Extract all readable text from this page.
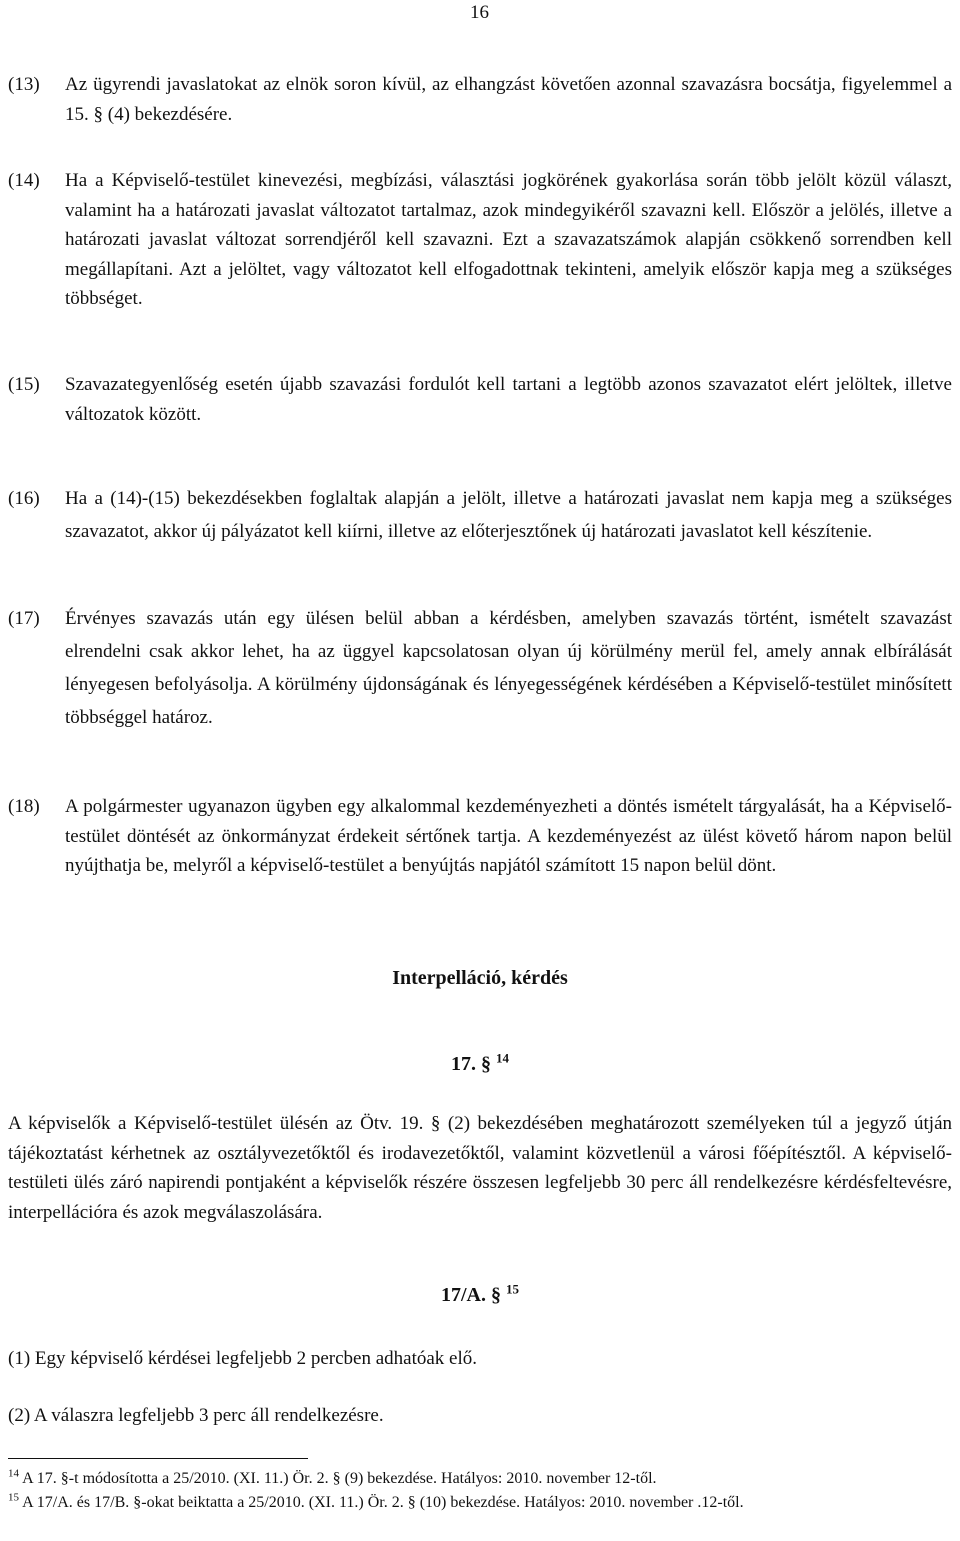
16
(13)	Az ügyrendi javaslatokat az elnök soron kívül, az elhangzást követően azonnal szavazásra bocsátja, figyelemmel a 15. § (4) bekezdésére.
(14)	Ha a Képviselő-testület kinevezési, megbízási, választási jogkörének gyakorlása során több jelölt közül választ, valamint ha a határozati javaslat változatot tartalmaz, azok mindegyikéről szavazni kell. Először a jelölés, illetve a határozati javaslat változat sorrendjéről kell szavazni. Ezt a szavazatszámok alapján csökkenő sorrendben kell megállapítani. Azt a jelöltet, vagy változatot kell elfogadottnak tekinteni, amelyik először kapja meg a szükséges többséget.
(15)	Szavazategyenlőség esetén újabb szavazási fordulót kell tartani a legtöbb azonos szavazatot elért jelöltek, illetve változatok között.
(16)	Ha a (14)-(15) bekezdésekben foglaltak alapján a jelölt, illetve a határozati javaslat nem kapja meg a szükséges szavazatot, akkor új pályázatot kell kiírni, illetve az előterjesztőnek új határozati javaslatot kell készítenie.
(17)	Érvényes szavazás után egy ülésen belül abban a kérdésben, amelyben szavazás történt, ismételt szavazást elrendelni csak akkor lehet, ha az üggyel kapcsolatosan olyan új körülmény merül fel, amely annak elbírálását lényegesen befolyásolja. A körülmény újdonságának és lényegességének kérdésében a Képviselő-testület minősített többséggel határoz.
(18)	A polgármester ugyanazon ügyben egy alkalommal kezdeményezheti a döntés ismételt tárgyalását, ha a Képviselő-testület döntését az önkormányzat érdekeit sértőnek tartja. A kezdeményezést az ülést követő három napon belül nyújthatja be, melyről a képviselő-testület a benyújtás napjától számított 15 napon belül dönt.
Interpelláció, kérdés
17. § $^{14}$
A képviselők a Képviselő-testület ülésén az Ötv. 19. § (2) bekezdésében meghatározott személyeken túl a jegyző útján tájékoztatást kérhetnek az osztályvezetőktől és irodavezetőktől, valamint közvetlenül a városi főépítésztől. A képviselő-testületi ülés záró napirendi pontjaként a képviselők részére összesen legfeljebb 30 perc áll rendelkezésre kérdésfeltevésre, interpellációra és azok megválaszolására.
17/A. § $^{15}$
(1) Egy képviselő kérdései legfeljebb 2 percben adhatóak elő.
(2) A válaszra legfeljebb 3 perc áll rendelkezésre.
$^{14}$ A 17. §-t módosította a 25/2010. (XI. 11.) Ör. 2. § (9) bekezdése. Hatályos: 2010. november 12-től.
$^{15}$ A 17/A. és 17/B. §-okat beiktatta a 25/2010. (XI. 11.) Ör. 2. § (10) bekezdése. Hatályos: 2010. november .12-től.
